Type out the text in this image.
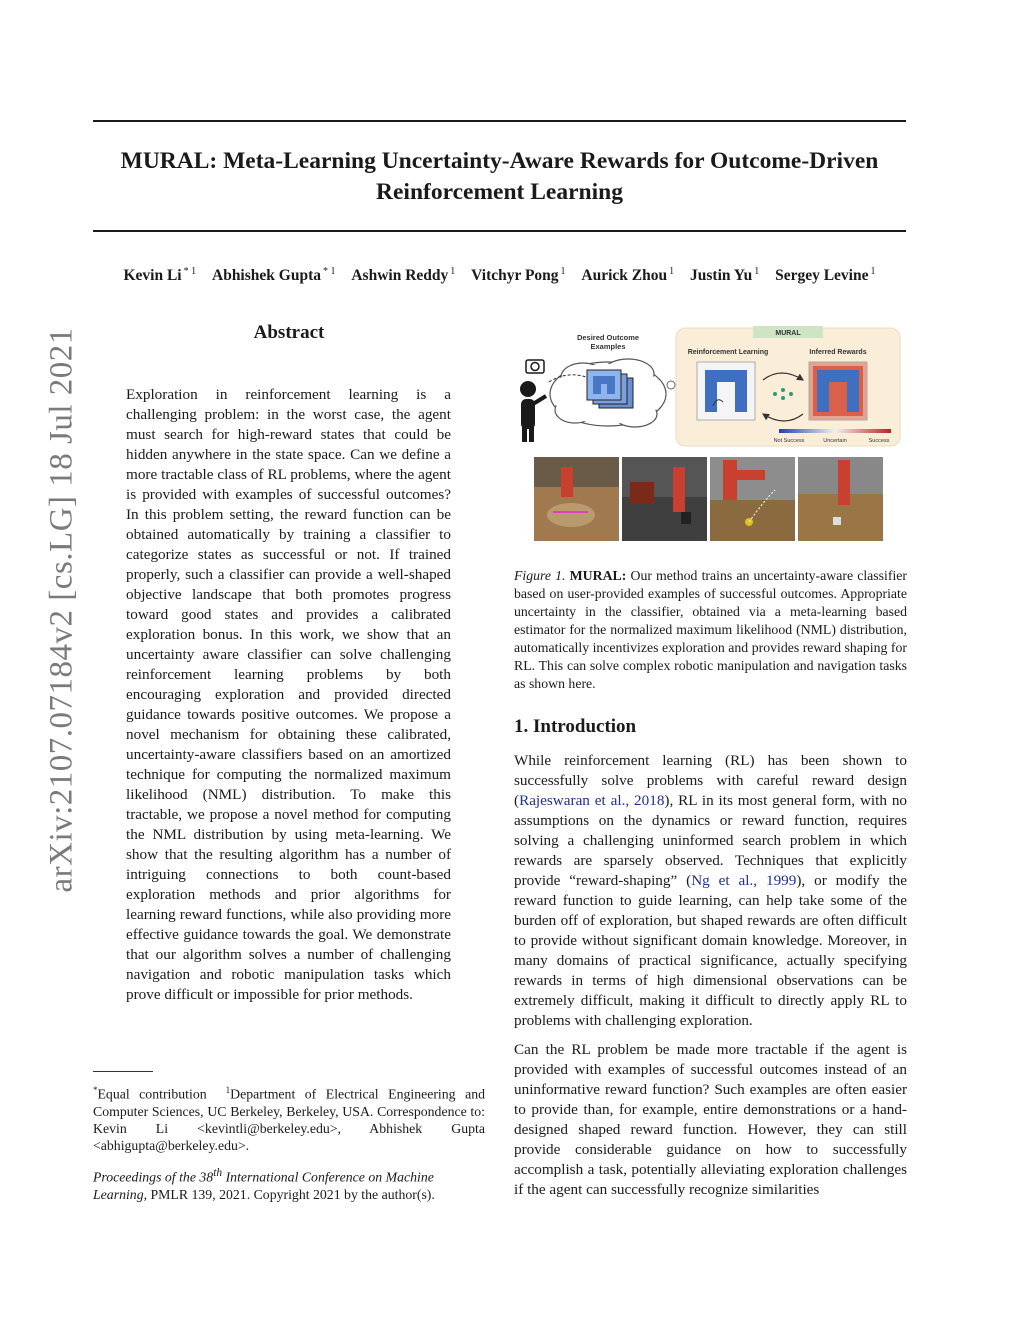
MURAL: Meta-Learning Uncertainty-Aware Rewards for Outcome-Driven Reinforcement Learning
Kevin Li $^{* 1}$ Abhishek Gupta $^{* 1}$ Ashwin Reddy $^1$ Vitchyr Pong $^1$ Aurick Zhou $^1$ Justin Yu $^1$ Sergey Levine $^1$
arXiv:2107.07184v2 [cs.LG] 18 Jul 2021	Abstract
Exploration in reinforcement learning is a challenging problem: in the worst case, the agent must search for high-reward states that could be hidden anywhere in the state space. Can we define a more tractable class of RL problems, where the agent is provided with examples of successful outcomes? In this problem setting, the reward function can be obtained automatically by training a classifier to categorize states as successful or not. If trained properly, such a classifier can provide a well-shaped objective landscape that both promotes progress toward good states and provides a calibrated exploration bonus. In this work, we show that an uncertainty aware classifier can solve challenging reinforcement learning problems by both encouraging exploration and provided directed guidance towards positive outcomes. We propose a novel mechanism for obtaining these calibrated, uncertainty-aware classifiers based on an amortized technique for computing the normalized maximum likelihood (NML) distribution. To make this tractable, we propose a novel method for computing the NML distribution by using meta-learning. We show that the resulting algorithm has a number of intriguing connections to both count-based exploration methods and prior algorithms for learning reward functions, while also providing more effective guidance towards the goal. We demonstrate that our algorithm solves a number of challenging navigation and robotic manipulation tasks which prove difficult or impossible for prior methods.
*Equal contribution $^1$Department of Electrical Engineering and Computer Sciences, UC Berkeley, Berkeley, USA. Correspondence to: Kevin Li <kevintli@berkeley.edu>, Abhishek Gupta <abhigupta@berkeley.edu>.
Proceedings of the 38th International Conference on Machine Learning, PMLR 139, 2021. Copyright 2021 by the author(s).
Desired Outcome
Examples
MURAL
Reinforcement Learning	Inferred Rewards
Not Success	Uncertain	Success
Figure 1. MURAL: Our method trains an uncertainty-aware classifier based on user-provided examples of successful outcomes. Appropriate uncertainty in the classifier, obtained via a meta-learning based estimator for the normalized maximum likelihood (NML) distribution, automatically incentivizes exploration and provides reward shaping for RL. This can solve complex robotic manipulation and navigation tasks as shown here.
1. Introduction

While reinforcement learning (RL) has been shown to successfully solve problems with careful reward design (Rajeswaran et al., 2018), RL in its most general form, with no assumptions on the dynamics or reward function, requires solving a challenging uninformed search problem in which rewards are sparsely observed. Techniques that explicitly provide “reward-shaping” (Ng et al., 1999), or modify the reward function to guide learning, can help take some of the burden off of exploration, but shaped rewards are often difficult to provide without significant domain knowledge. Moreover, in many domains of practical significance, actually specifying rewards in terms of high dimensional observations can be extremely difficult, making it difficult to directly apply RL to problems with challenging exploration.

Can the RL problem be made more tractable if the agent is provided with examples of successful outcomes instead of an uninformative reward function? Such examples are often easier to provide than, for example, entire demonstrations or a hand-designed shaped reward function. However, they can still provide considerable guidance on how to successfully accomplish a task, potentially alleviating exploration challenges if the agent can successfully recognize similarities
